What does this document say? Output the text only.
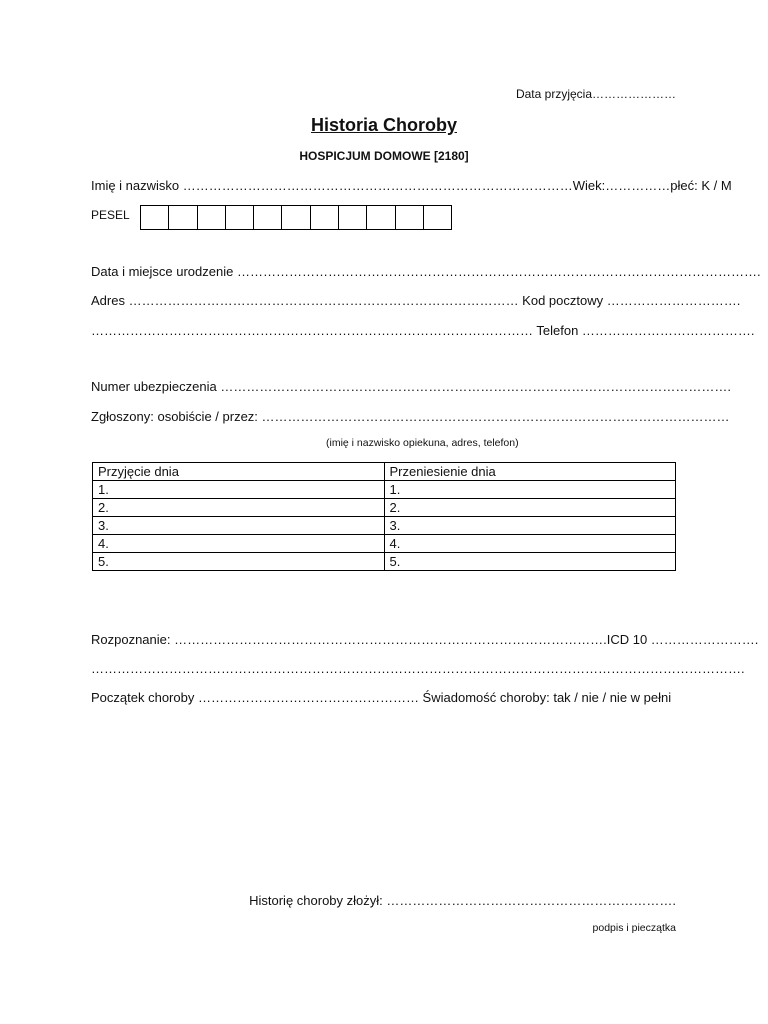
Data przyjęcia…………………
Historia Choroby
HOSPICJUM DOMOWE [2180]
Imię i nazwisko ………………………………………………………………………………Wiek:……………płeć: K / M
PESEL
Data i miejsce urodzenie ………………………………………………………………………………………………………….
Adres ……………………………………………………………………………… Kod pocztowy ………………………….
………………………………………………………………………………………… Telefon ………………………………….
Numer ubezpieczenia ……………………………………………………………………………………………………….
Zgłoszony: osobiście / przez: ………………………………………………………………………………………………
(imię i nazwisko opiekuna, adres, telefon)
Przyjęcie dnia	Przeniesienie dnia
1.	1.
2.	2.
3.	3.
4.	4.
5.	5.
Rozpoznanie: ……………………………………………………………………………………….ICD 10 …………………….
…………………………………………………………………………………………………………………………………….
Początek choroby …………………………………………… Świadomość choroby: tak / nie / nie w pełni
Historię choroby złożył: ………………………………………………………….
podpis i pieczątka
